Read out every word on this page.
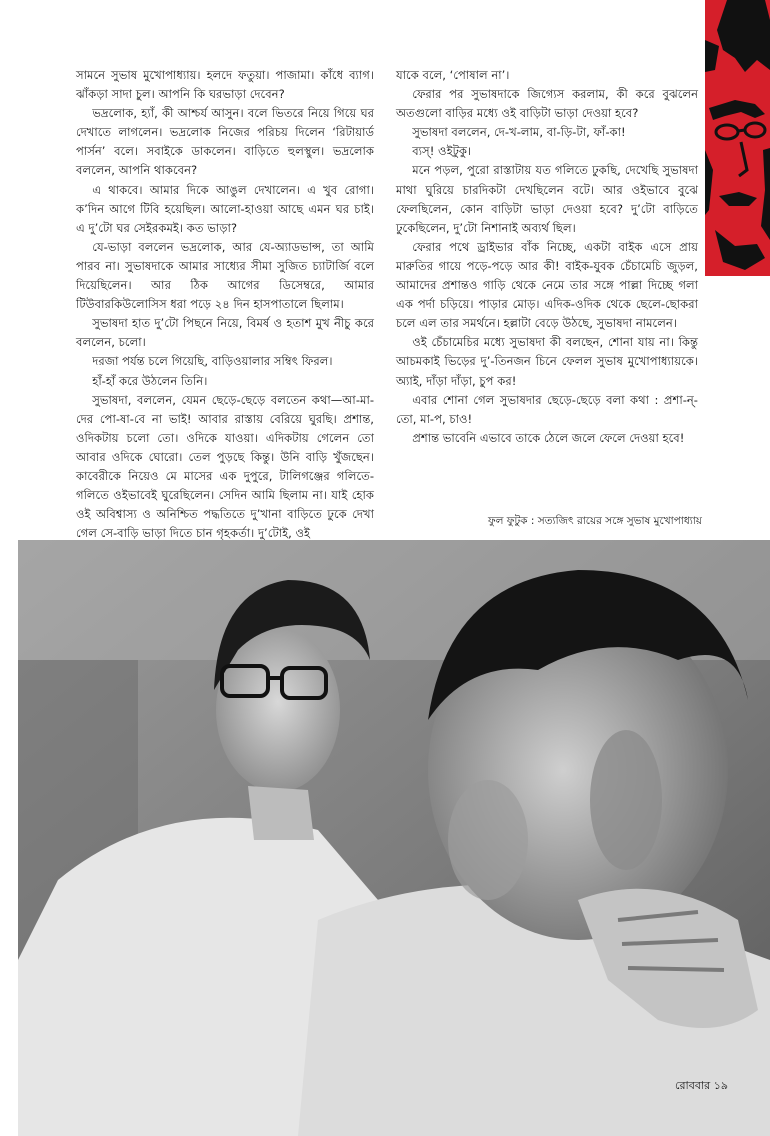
সামনে সুভাষ মুখোপাধ্যায়। হলদে ফতুয়া। পাজামা। কাঁধে ব্যাগ। ঝাঁকড়া সাদা চুল। আপনি কি ঘরভাড়া দেবেন?

ভদ্রলোক, হ্যাঁ, কী আশ্চর্য আসুন। বলে ভিতরে নিয়ে গিয়ে ঘর দেখাতে লাগলেন। ভদ্রলোক নিজের পরিচয় দিলেন ‘রিটায়ার্ড পার্সন’ বলে। সবাইকে ডাকলেন। বাড়িতে হুলস্থুল। ভদ্রলোক বললেন, আপনি থাকবেন?

এ থাকবে। আমার দিকে আঙুল দেখালেন। এ খুব রোগা। ক’দিন আগে টিবি হয়েছিল। আলো-হাওয়া আছে এমন ঘর চাই। এ দু’টো ঘর সেইরকমই। কত ভাড়া?

যে-ভাড়া বললেন ভদ্রলোক, আর যে-অ্যাডভান্স, তা আমি পারব না। সুভাষদাকে আমার সাধ্যের সীমা সুজিত চ্যাটার্জি বলে দিয়েছিলেন। আর ঠিক আগের ডিসেম্বরে, আমার টিউবারকিউলোসিস ধরা পড়ে ২৪ দিন হাসপাতালে ছিলাম।

সুভাষদা হাত দু’টো পিছনে নিয়ে, বিমর্ষ ও হতাশ মুখ নীচু করে বললেন, চলো।

দরজা পর্যন্ত চলে গিয়েছি, বাড়িওয়ালার সম্বিৎ ফিরল।

হাঁ-হাঁ করে উঠলেন তিনি।

সুভাষদা, বললেন, যেমন ছেড়ে-ছেড়ে বলতেন কথা—আ-মা-দের পো-ষা-বে না ভাই! আবার রাস্তায় বেরিয়ে ঘুরছি। প্রশান্ত, ওদিকটায় চলো তো। ওদিকে যাওয়া। এদিকটায় গেলেন তো আবার ওদিকে ঘোরো। তেল পুড়ছে কিন্তু। উনি বাড়ি খুঁজছেন। কাবেরীকে নিয়েও মে মাসের এক দুপুরে, টালিগঞ্জের গলিতে-গলিতে ওইভাবেই ঘুরেছিলেন। সেদিন আমি ছিলাম না। যাই হোক ওই অবিশ্বাস্য ও অনিশ্চিত পদ্ধতিতে দু’খানা বাড়িতে ঢুকে দেখা গেল সে-বাড়ি ভাড়া দিতে চান গৃহকর্তা। দু’টোই, ওই

যাকে বলে, ‘পোষাল না’।

ফেরার পর সুভাষদাকে জিগ্যেস করলাম, কী করে বুঝলেন অতগুলো বাড়ির মধ্যে ওই বাড়িটা ভাড়া দেওয়া হবে?

সুভাষদা বললেন, দে-খ-লাম, বা-ড়ি-টা, ফাঁ-কা!

ব্যস্‌! ওইটুকু।

মনে পড়ল, পুরো রাস্তাটায় যত গলিতে ঢুকছি, দেখেছি সুভাষদা মাথা ঘুরিয়ে চারদিকটা দেখছিলেন বটে। আর ওইভাবে বুঝে ফেলছিলেন, কোন বাড়িটা ভাড়া দেওয়া হবে? দু’টো বাড়িতে ঢুকেছিলেন, দু’টো নিশানাই অব্যর্থ ছিল।

ফেরার পথে ড্রাইভার বাঁক নিচ্ছে, একটা বাইক এসে প্রায় মারুতির গায়ে পড়ে-পড়ে আর কী! বাইক-যুবক চেঁচামেচি জুড়ল, আমাদের প্রশান্তও গাড়ি থেকে নেমে তার সঙ্গে পাল্লা দিচ্ছে গলা এক পর্দা চড়িয়ে। পাড়ার মোড়। এদিক-ওদিক থেকে ছেলে-ছোকরা চলে এল তার সমর্থনে। হল্লাটা বেড়ে উঠছে, সুভাষদা নামলেন।

ওই চেঁচামেচির মধ্যে সুভাষদা কী বলছেন, শোনা যায় না। কিন্তু আচমকাই ভিড়ের দু’-তিনজন চিনে ফেলল সুভাষ মুখোপাধ্যায়কে। অ্যাই, দাঁড়া দাঁড়া, চুপ কর!

এবার শোনা গেল সুভাষদার ছেড়ে-ছেড়ে বলা কথা : প্রশা-ন্-তো, মা-প, চাও!

প্রশান্ত ভাবেনি এভাবে তাকে ঠেলে জলে ফেলে দেওয়া হবে!

ফুল ফুটুক : সত্যজিৎ রায়ের সঙ্গে সুভাষ মুখোপাধ্যায়
রোববার ১৯
